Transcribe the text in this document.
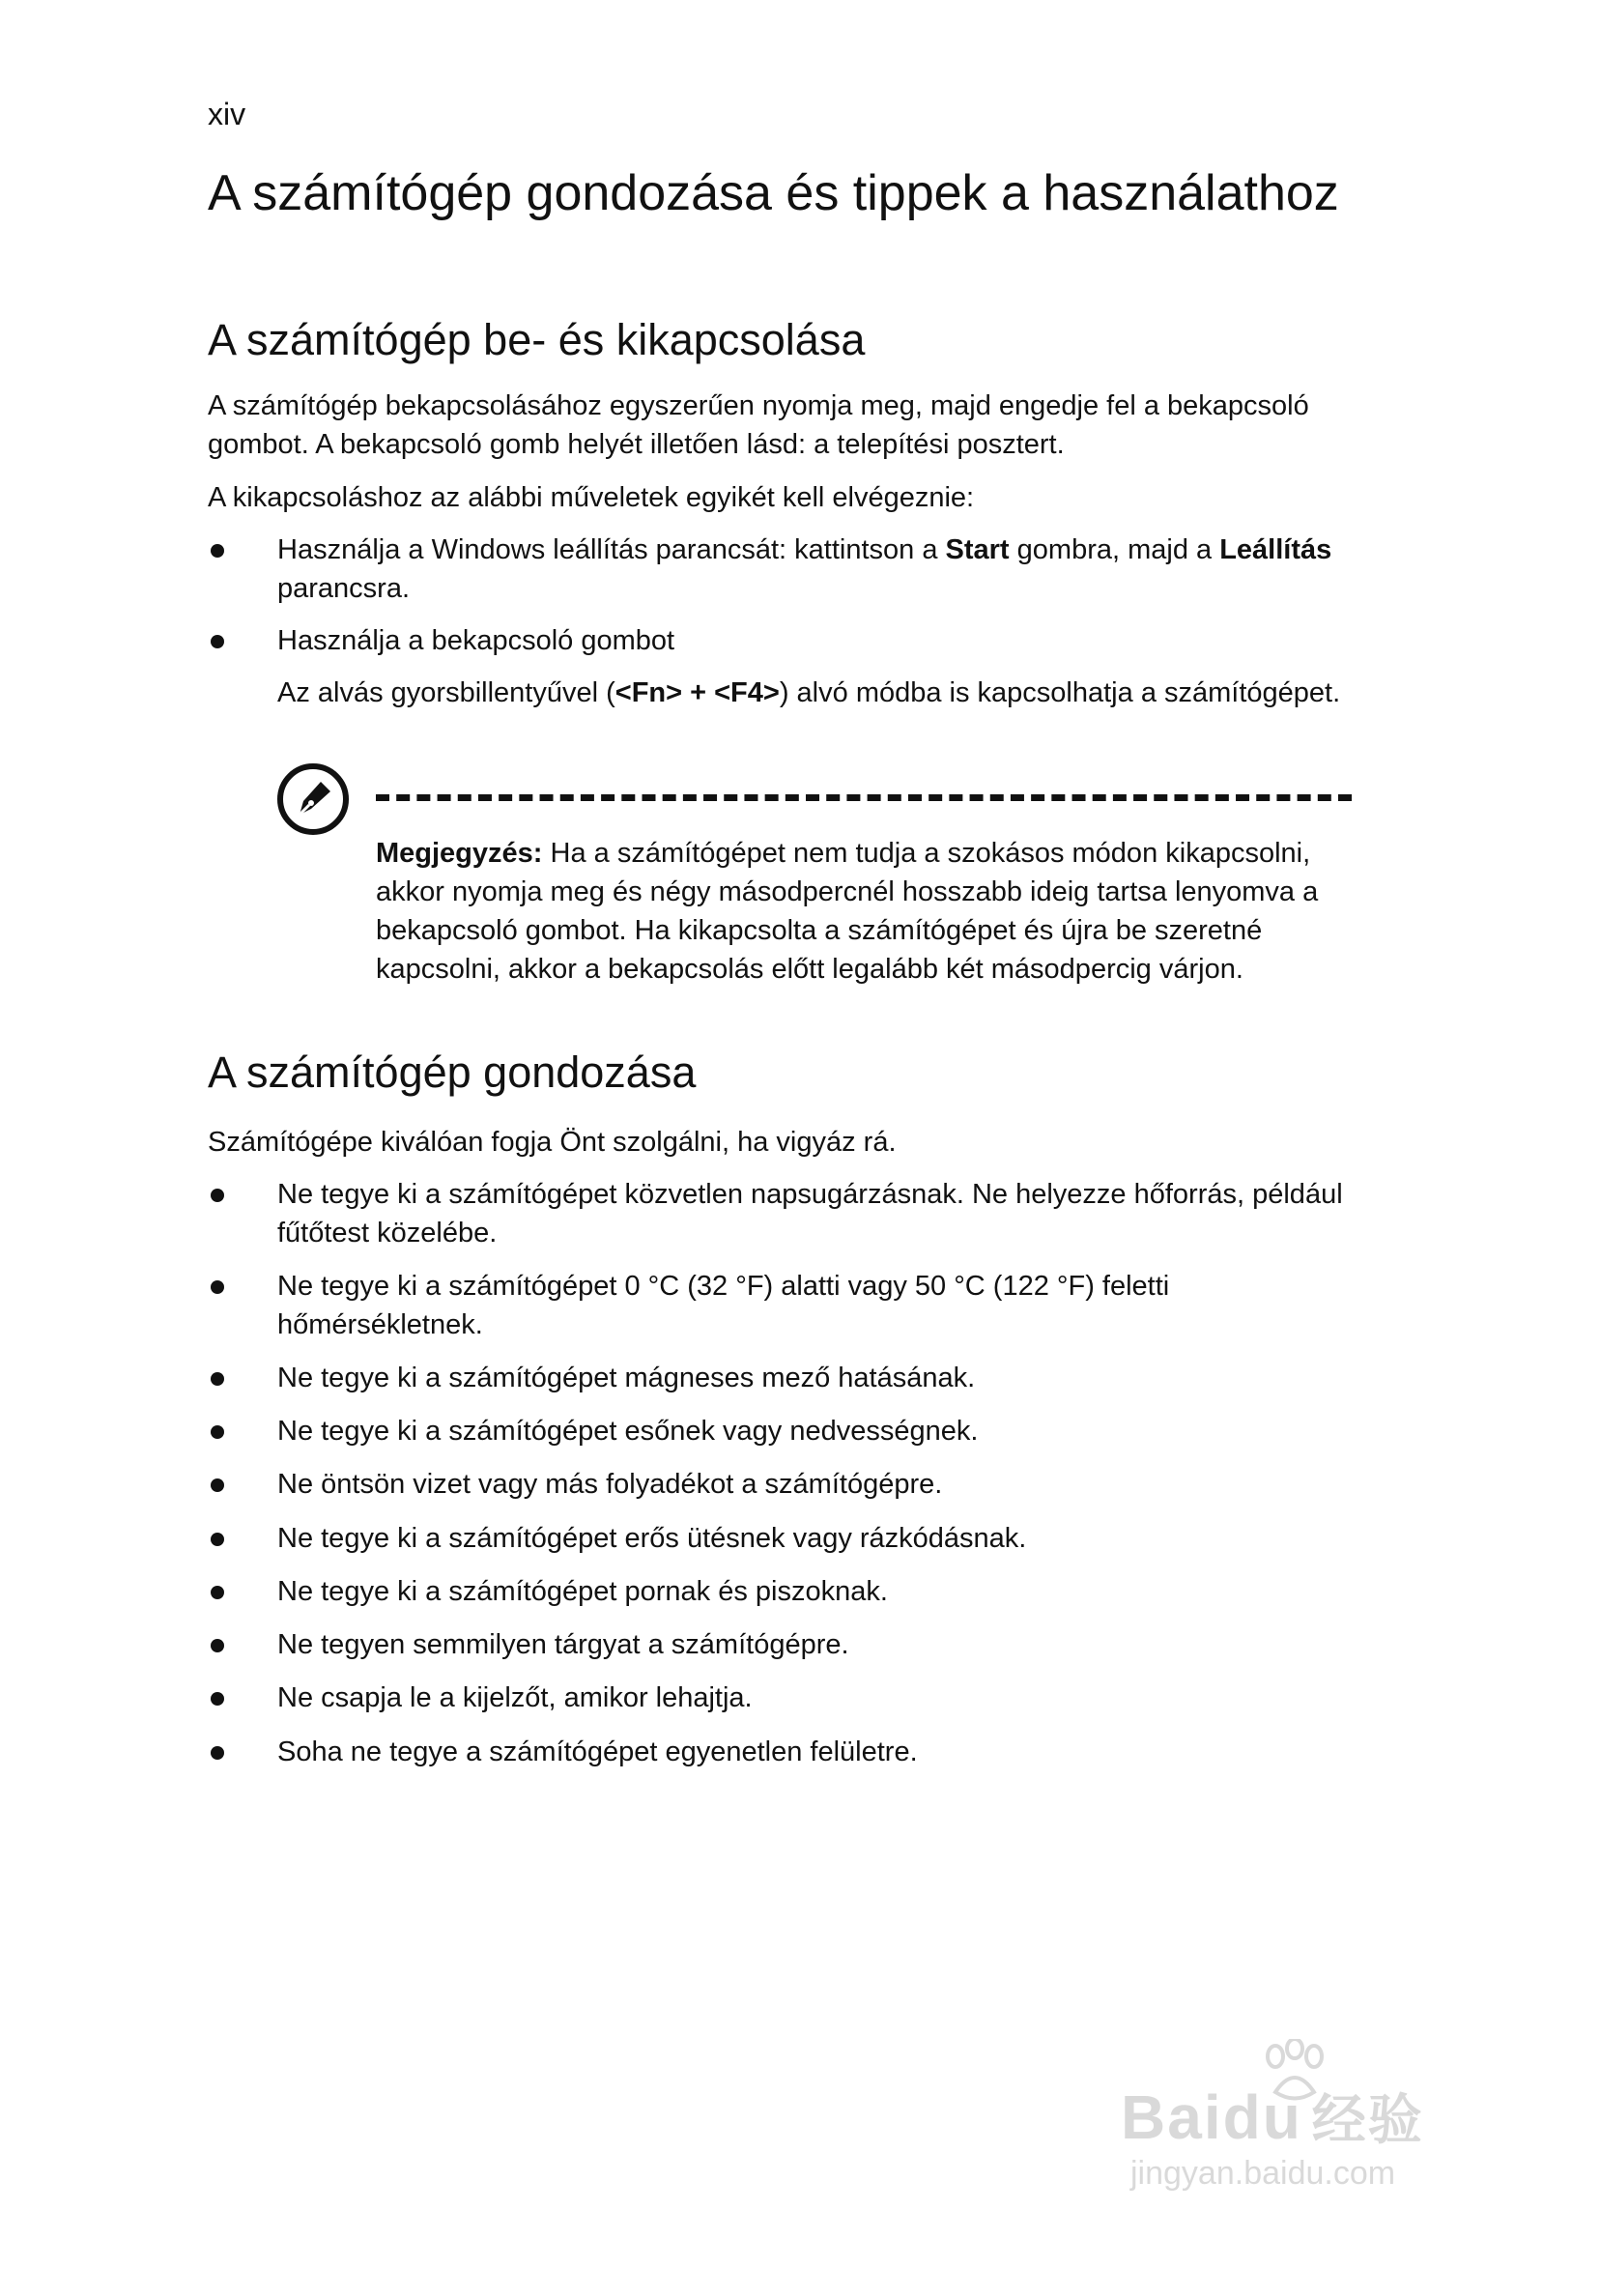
xiv
A számítógép gondozása és tippek a használathoz
A számítógép be- és kikapcsolása

A számítógép bekapcsolásához egyszerűen nyomja meg, majd engedje fel a bekapcsoló gombot. A bekapcsoló gomb helyét illetően lásd: a telepítési posztert.

A kikapcsoláshoz az alábbi műveletek egyikét kell elvégeznie:

Használja a Windows leállítás parancsát: kattintson a Start gombra, majd a Leállítás parancsra.

Használja a bekapcsoló gombot

Az alvás gyorsbillentyűvel (<Fn> + <F4>) alvó módba is kapcsolhatja a számítógépet.

Megjegyzés: Ha a számítógépet nem tudja a szokásos módon kikapcsolni, akkor nyomja meg és négy másodpercnél hosszabb ideig tartsa lenyomva a bekapcsoló gombot. Ha kikapcsolta a számítógépet és újra be szeretné kapcsolni, akkor a bekapcsolás előtt legalább két másodpercig várjon.

A számítógép gondozása

Számítógépe kiválóan fogja Önt szolgálni, ha vigyáz rá.

Ne tegye ki a számítógépet közvetlen napsugárzásnak. Ne helyezze hőforrás, például fűtőtest közelébe.

Ne tegye ki a számítógépet 0 °C (32 °F) alatti vagy 50 °C (122 °F) feletti hőmérsékletnek.

Ne tegye ki a számítógépet mágneses mező hatásának.

Ne tegye ki a számítógépet esőnek vagy nedvességnek.

Ne öntsön vizet vagy más folyadékot a számítógépre.

Ne tegye ki a számítógépet erős ütésnek vagy rázkódásnak.

Ne tegye ki a számítógépet pornak és piszoknak.

Ne tegyen semmilyen tárgyat a számítógépre.

Ne csapja le a kijelzőt, amikor lehajtja.

Soha ne tegye a számítógépet egyenetlen felületre.

Baidu 经验
jingyan.baidu.com
